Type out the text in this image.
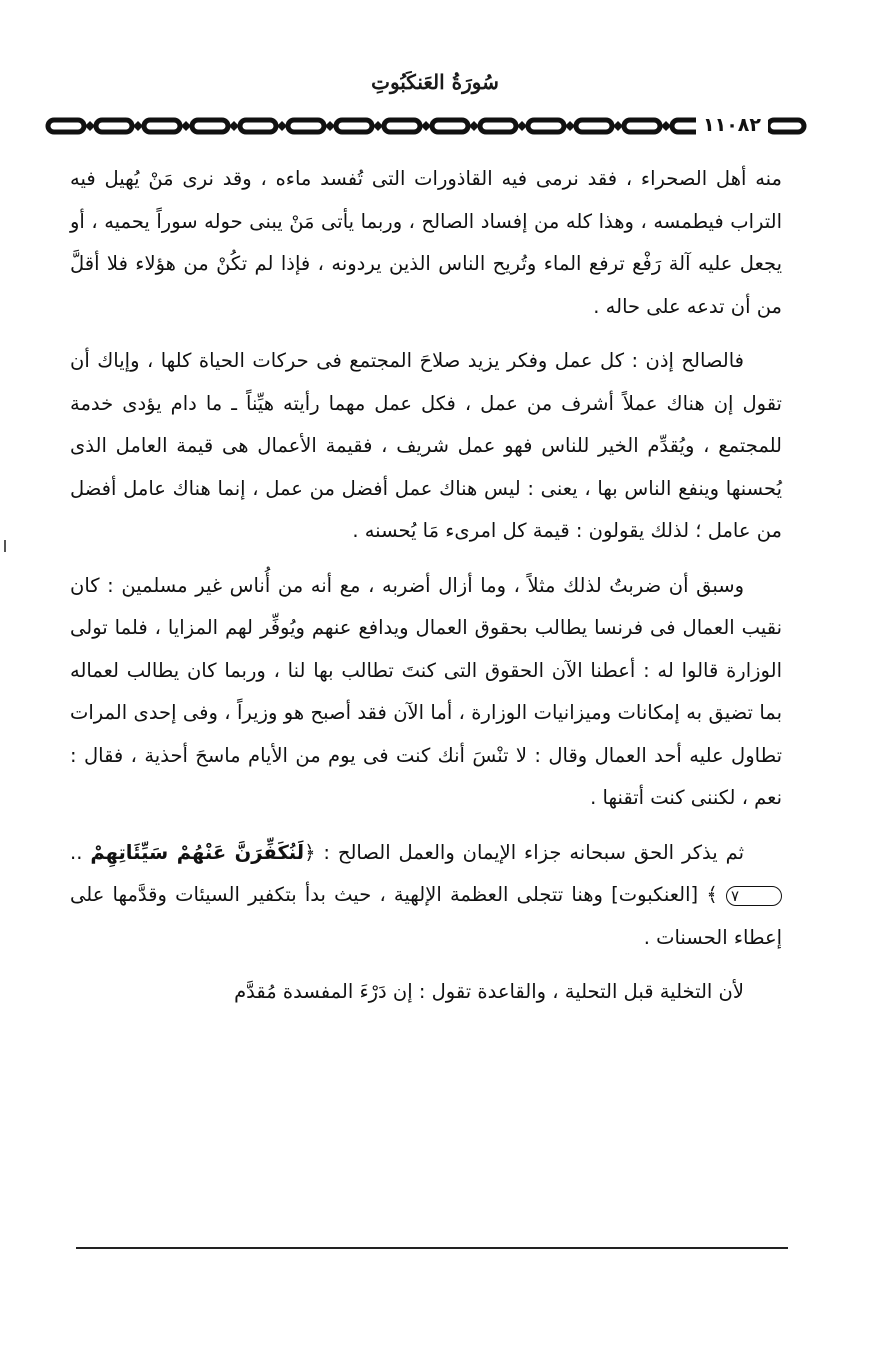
سُورَةُ العَنكَبُوتِ
١١٠٨٢

منه أهل الصحراء ، فقد نرمى فيه القاذورات التى تُفسد ماءه ، وقد نرى مَنْ يُهيل فيه التراب فيطمسه ، وهذا كله من إفساد الصالح ، وربما يأتى مَنْ يبنى حوله سوراً يحميه ، أو يجعل عليه آلة رَفْع ترفع الماء وتُريح الناس الذين يردونه ، فإذا لم تكُنْ من هؤلاء فلا أقلَّ من أن تدعه على حاله .

فالصالح إذن : كل عمل وفكر يزيد صلاحَ المجتمع فى حركات الحياة كلها ، وإياك أن تقول إن هناك عملاً أشرف من عمل ، فكل عمل مهما رأيته هيِّناً ـ ما دام يؤدى خدمة للمجتمع ، ويُقدِّم الخير للناس فهو عمل شريف ، فقيمة الأعمال هى قيمة العامل الذى يُحسنها وينفع الناس بها ، يعنى : ليس هناك عمل أفضل من عمل ، إنما هناك عامل أفضل من عامل ؛ لذلك يقولون : قيمة كل امرىء مَا يُحسنه .

وسبق أن ضربتُ لذلك مثلاً ، وما أزال أضربه ، مع أنه من أُناس غير مسلمين : كان نقيب العمال فى فرنسا يطالب بحقوق العمال ويدافع عنهم ويُوفِّر لهم المزايا ، فلما تولى الوزارة قالوا له : أعطنا الآن الحقوق التى كنتَ تطالب بها لنا ، وربما كان يطالب لعماله بما تضيق به إمكانات وميزانيات الوزارة ، أما الآن فقد أصبح هو وزيراً ، وفى إحدى المرات تطاول عليه أحد العمال وقال : لا تنْسَ أنك كنت فى يوم من الأيام ماسحَ أحذية ، فقال : نعم ، لكننى كنت أتقنها .

ثم يذكر الحق سبحانه جزاء الإيمان والعمل الصالح : ﴿لَنُكَفِّرَنَّ عَنْهُمْ سَيِّئَاتِهِمْ .. ٧ ﴾ [العنكبوت] وهنا تتجلى العظمة الإلهية ، حيث بدأ بتكفير السيئات وقدَّمها على إعطاء الحسنات .

لأن التخلية قبل التحلية ، والقاعدة تقول : إن دَرْءَ المفسدة مُقدَّم
